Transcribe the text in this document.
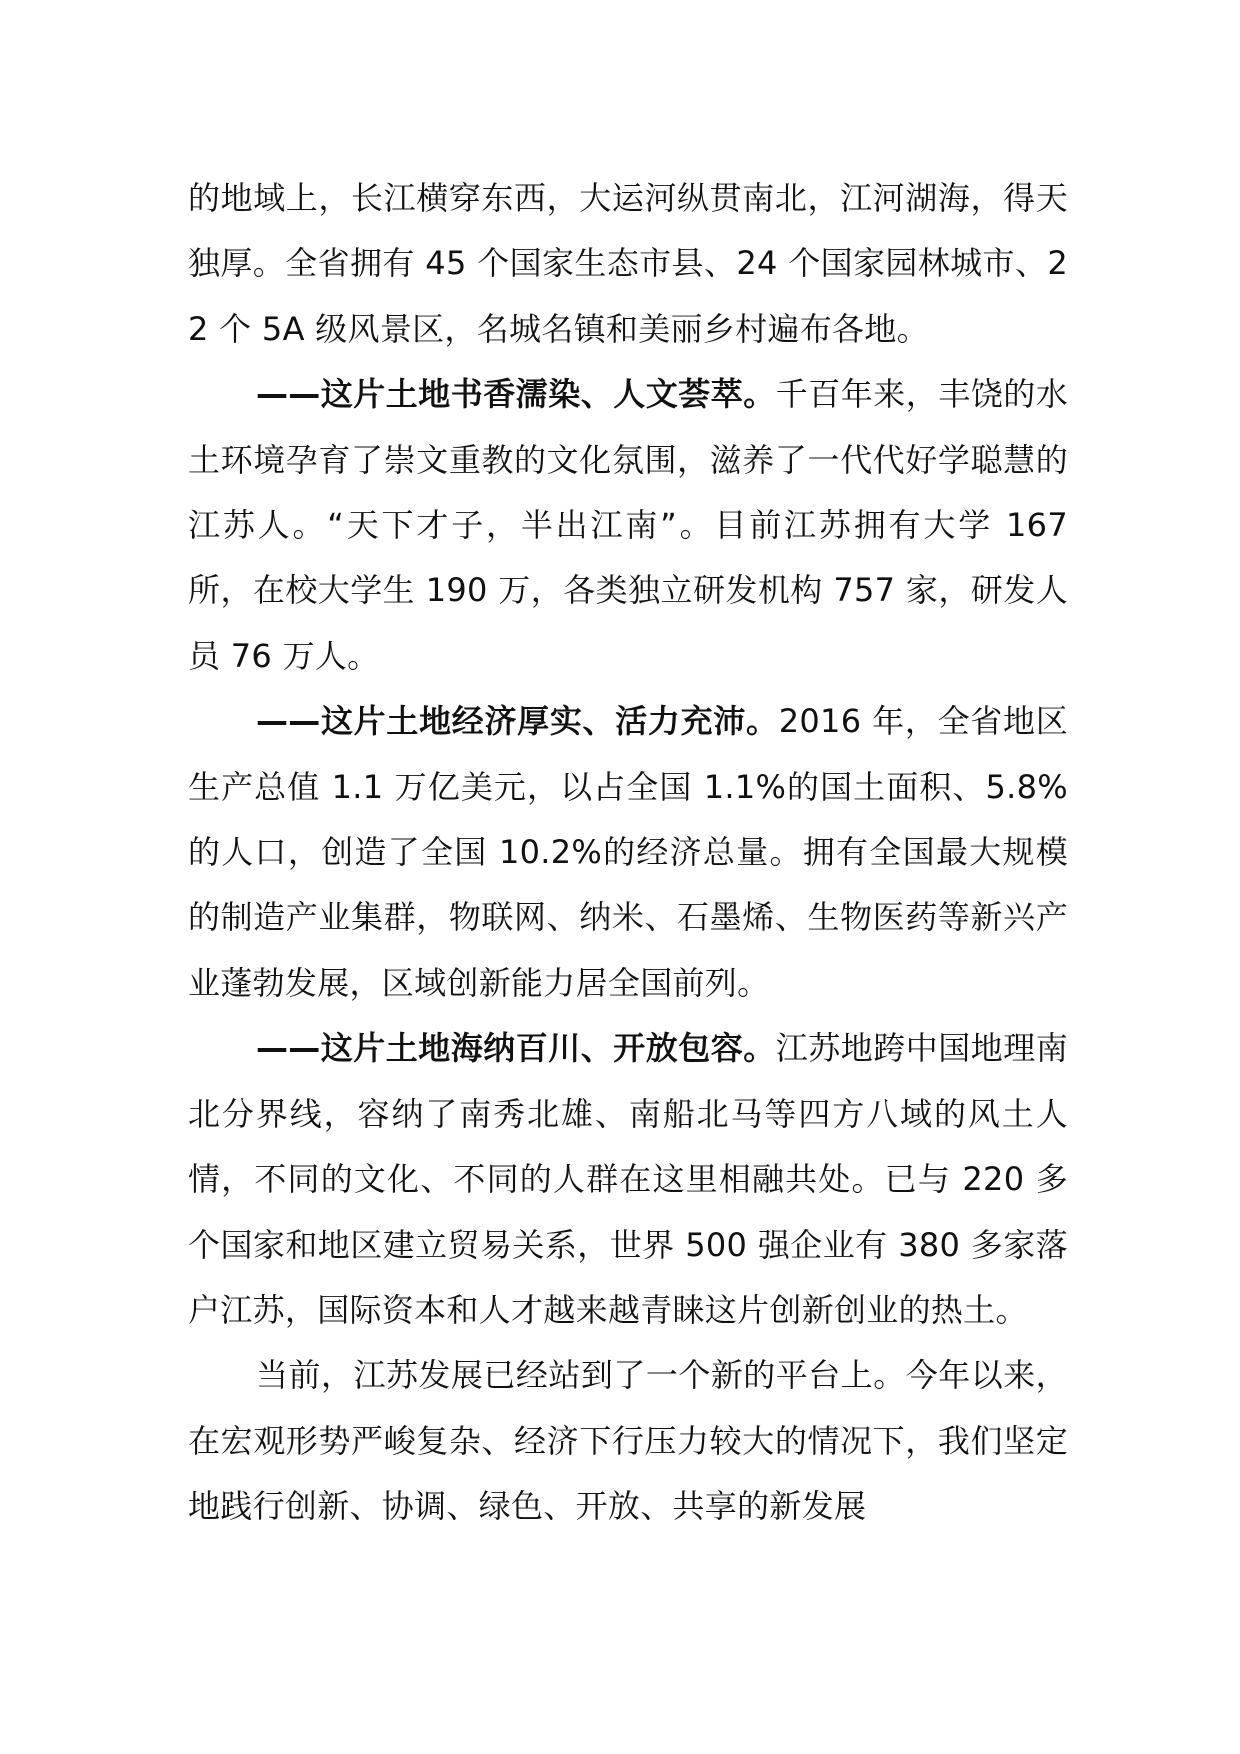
的地域上，长江横穿东西，大运河纵贯南北，江河湖海，得天独厚。全省拥有 45 个国家生态市县、24 个国家园林城市、22 个 5A 级风景区，名城名镇和美丽乡村遍布各地。

——这片土地书香濡染、人文荟萃。千百年来，丰饶的水土环境孕育了崇文重教的文化氛围，滋养了一代代好学聪慧的江苏人。“天下才子，半出江南”。目前江苏拥有大学 167 所，在校大学生 190 万，各类独立研发机构 757 家，研发人员 76 万人。

——这片土地经济厚实、活力充沛。2016 年，全省地区生产总值 1.1 万亿美元，以占全国 1.1%的国土面积、5.8%的人口，创造了全国 10.2%的经济总量。拥有全国最大规模的制造产业集群，物联网、纳米、石墨烯、生物医药等新兴产业蓬勃发展，区域创新能力居全国前列。

——这片土地海纳百川、开放包容。江苏地跨中国地理南北分界线，容纳了南秀北雄、南船北马等四方八域的风土人情，不同的文化、不同的人群在这里相融共处。已与 220 多个国家和地区建立贸易关系，世界 500 强企业有 380 多家落户江苏，国际资本和人才越来越青睐这片创新创业的热土。

当前，江苏发展已经站到了一个新的平台上。今年以来，在宏观形势严峻复杂、经济下行压力较大的情况下，我们坚定地践行创新、协调、绿色、开放、共享的新发展
